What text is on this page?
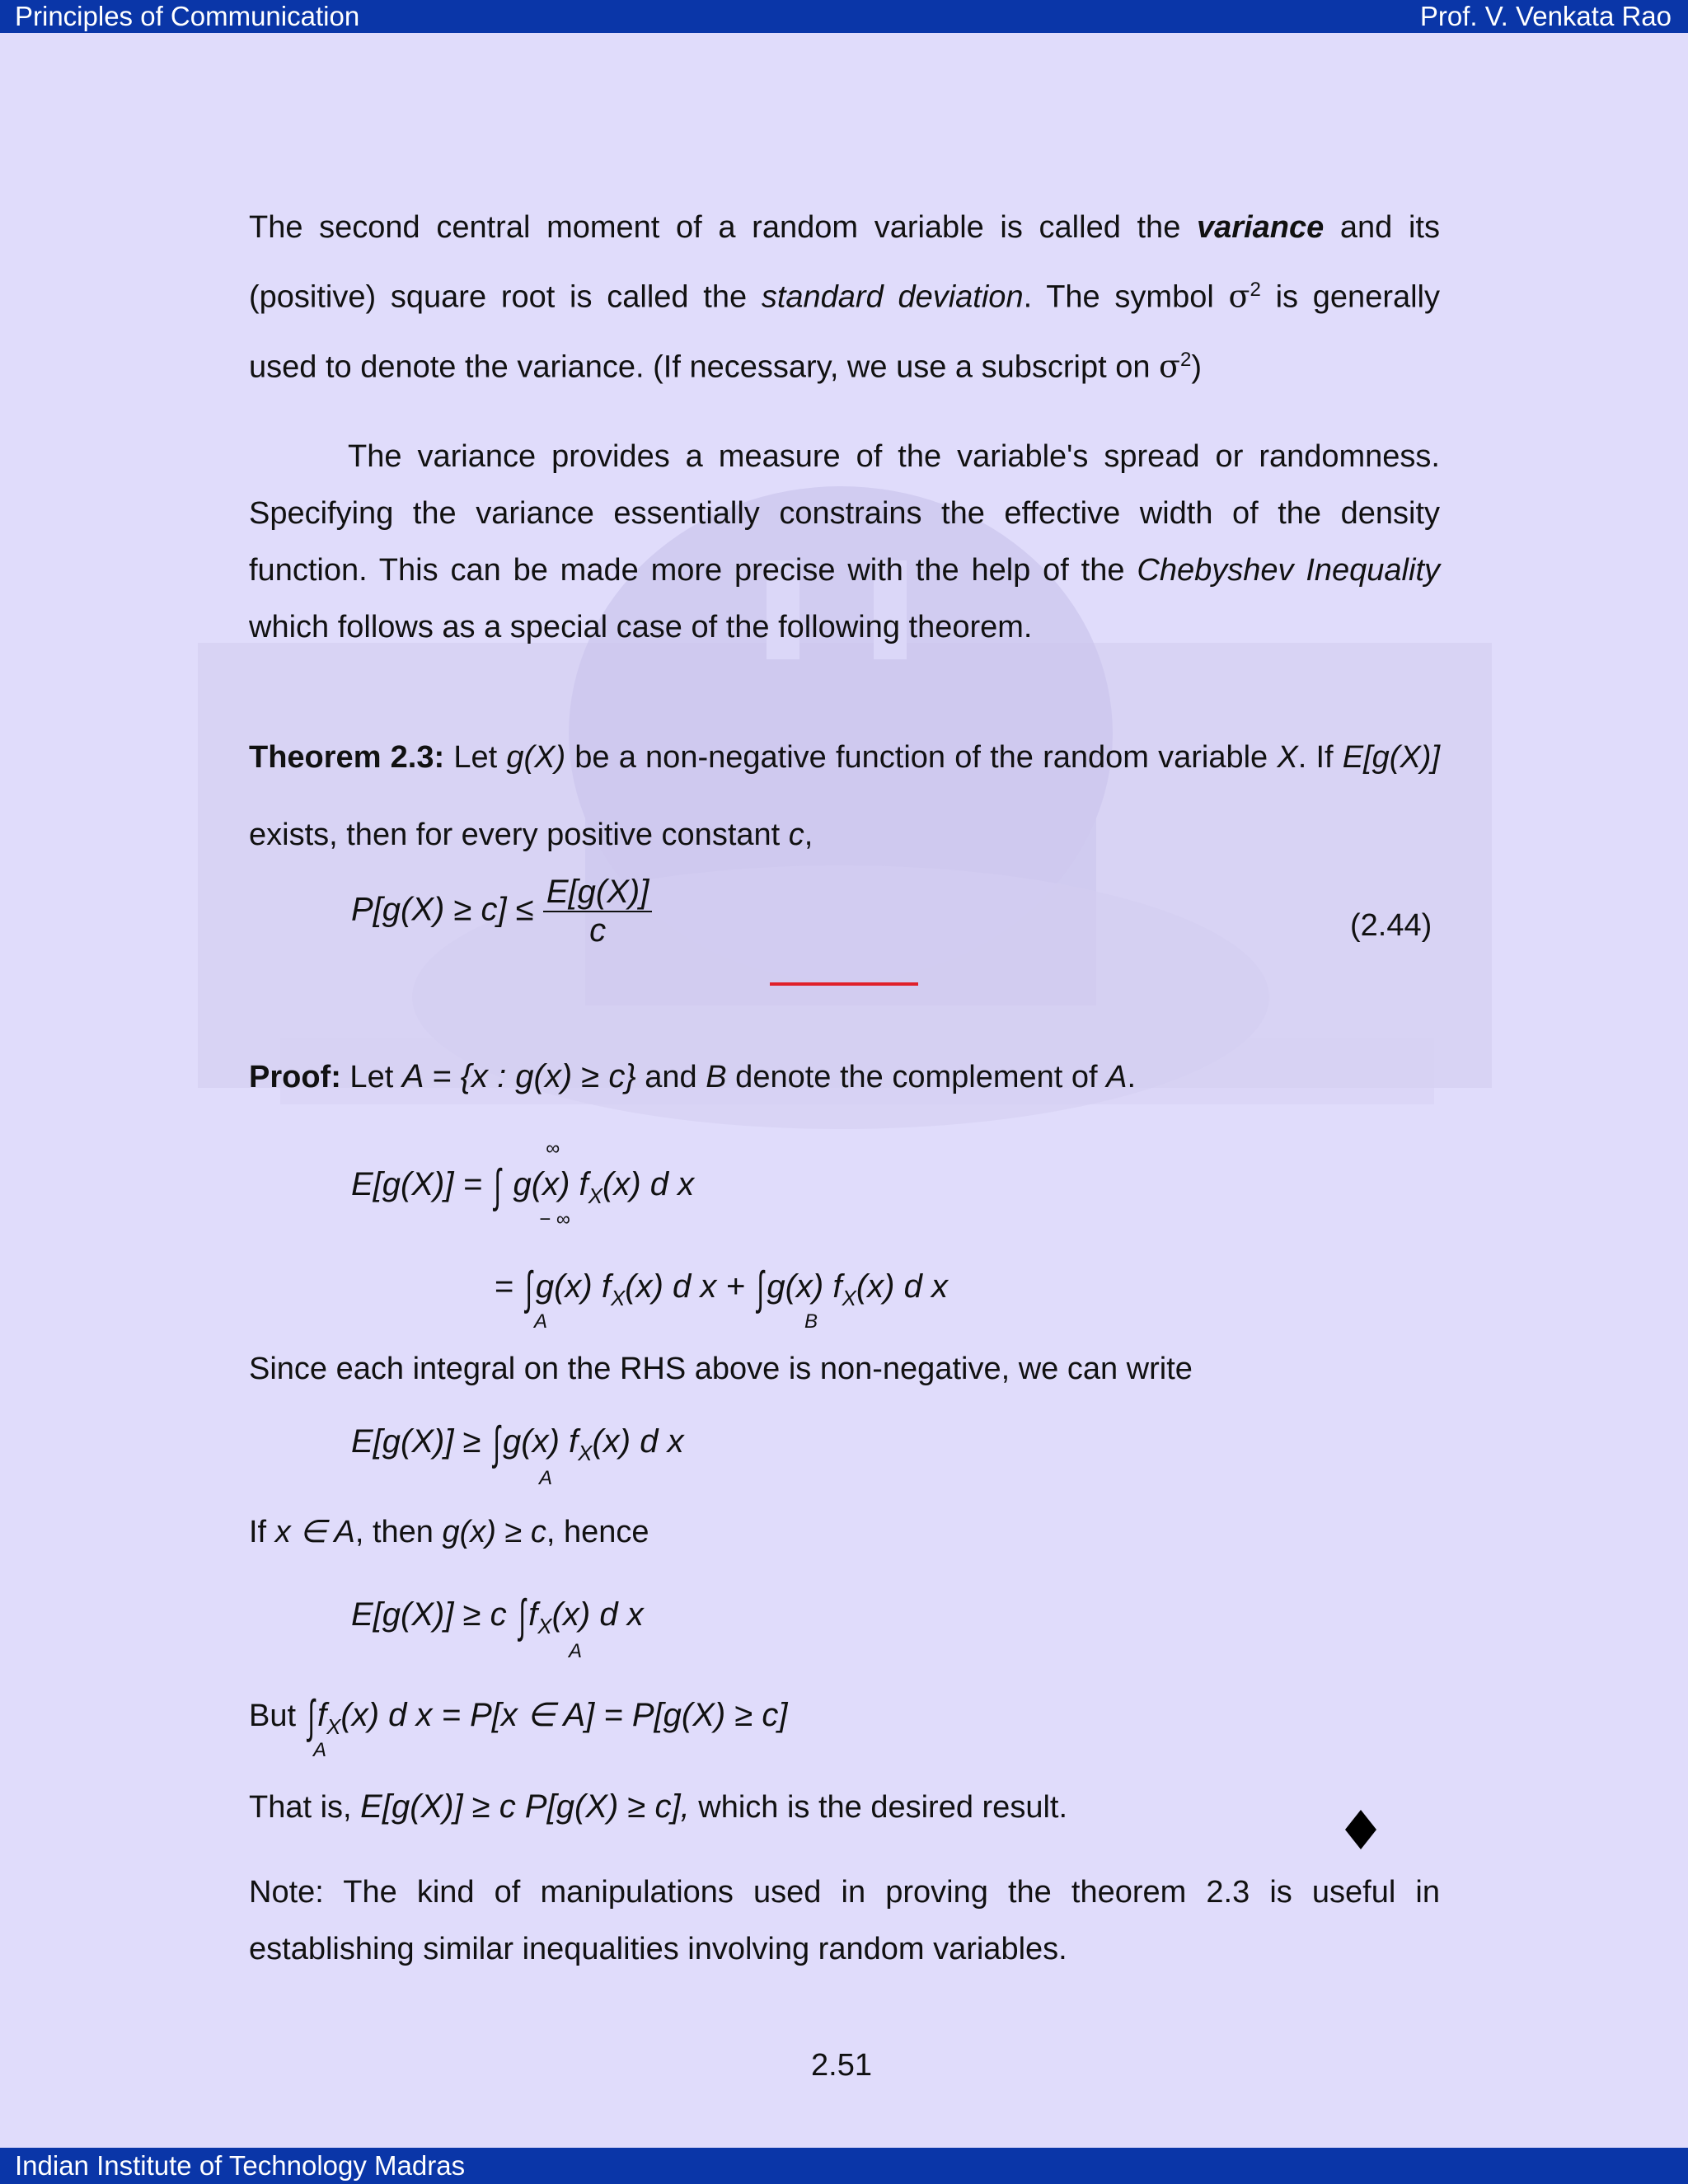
Principles of Communication	Prof. V. Venkata Rao
The second central moment of a random variable is called the variance and its (positive) square root is called the standard deviation. The symbol $\sigma^2$ is generally used to denote the variance. (If necessary, we use a subscript on $\sigma^2$)
The variance provides a measure of the variable's spread or randomness. Specifying the variance essentially constrains the effective width of the density function. This can be made more precise with the help of the Chebyshev Inequality which follows as a special case of the following theorem.
Theorem 2.3: Let g(X) be a non-negative function of the random variable X. If E[g(X)] exists, then for every positive constant c,
$P[g(X) \ge c] \le \frac{E[g(X)]}{c}$	(2.44)
Proof: Let A = {x : g(x) ≥ c} and B denote the complement of A.
E[g(X)] = ∫ g(x) $f_X(x)$ d x
∞
− ∞
= ∫g(x) $f_X(x)$ d x + ∫g(x) $f_X(x)$ d x
A	B
Since each integral on the RHS above is non-negative, we can write
E[g(X)] ≥ ∫g(x) $f_X(x)$ d x
A
If x ∈ A, then g(x) ≥ c, hence
E[g(X)] ≥ c $\int f_X(x)$ d x
A
But $\int f_X(x)$ d x = P[x ∈ A] = P[g(X) ≥ c]
A
That is, E[g(X)] ≥ c P[g(X) ≥ c], which is the desired result.
Note: The kind of manipulations used in proving the theorem 2.3 is useful in establishing similar inequalities involving random variables.
2.51
Indian Institute of Technology Madras
